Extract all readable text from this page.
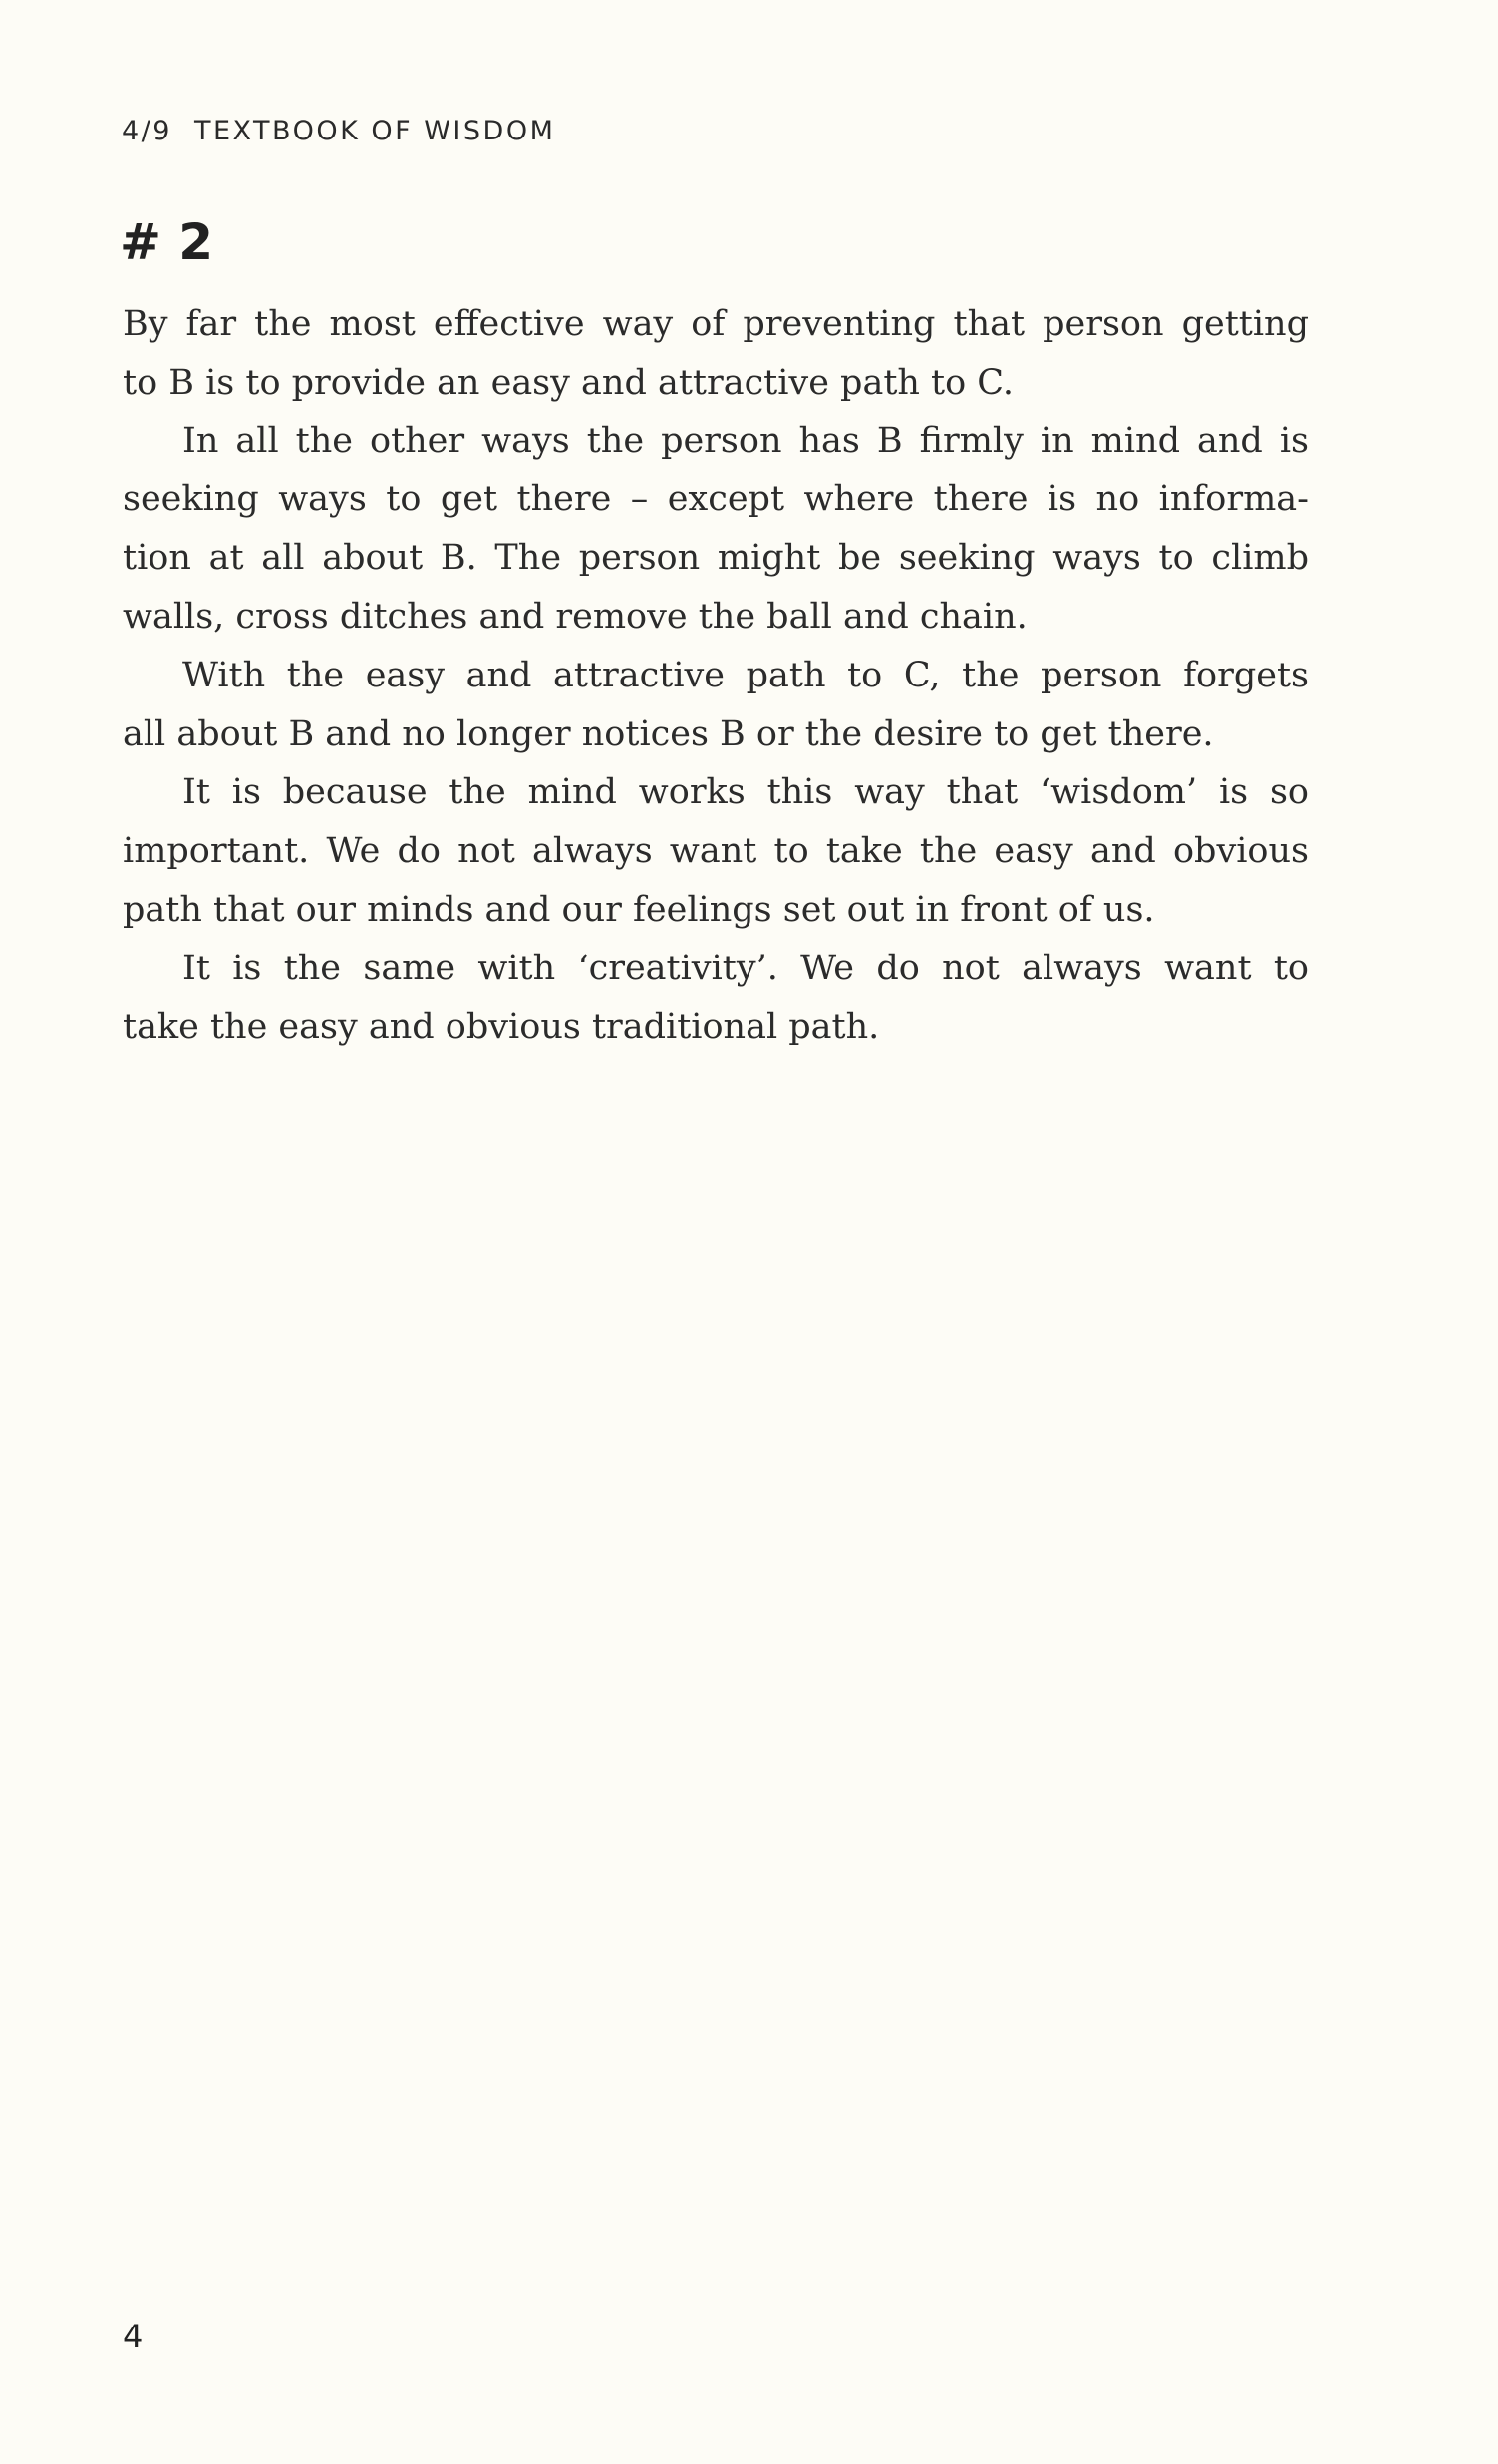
4/9 TEXTBOOK OF WISDOM
# 2
By far the most effective way of preventing that person getting
to B is to provide an easy and attractive path to C.
In all the other ways the person has B firmly in mind and is
seeking ways to get there – except where there is no informa-
tion at all about B. The person might be seeking ways to climb
walls, cross ditches and remove the ball and chain.
With the easy and attractive path to C, the person forgets
all about B and no longer notices B or the desire to get there.
It is because the mind works this way that ‘wisdom’ is so
important. We do not always want to take the easy and obvious
path that our minds and our feelings set out in front of us.
It is the same with ‘creativity’. We do not always want to
take the easy and obvious traditional path.
4
